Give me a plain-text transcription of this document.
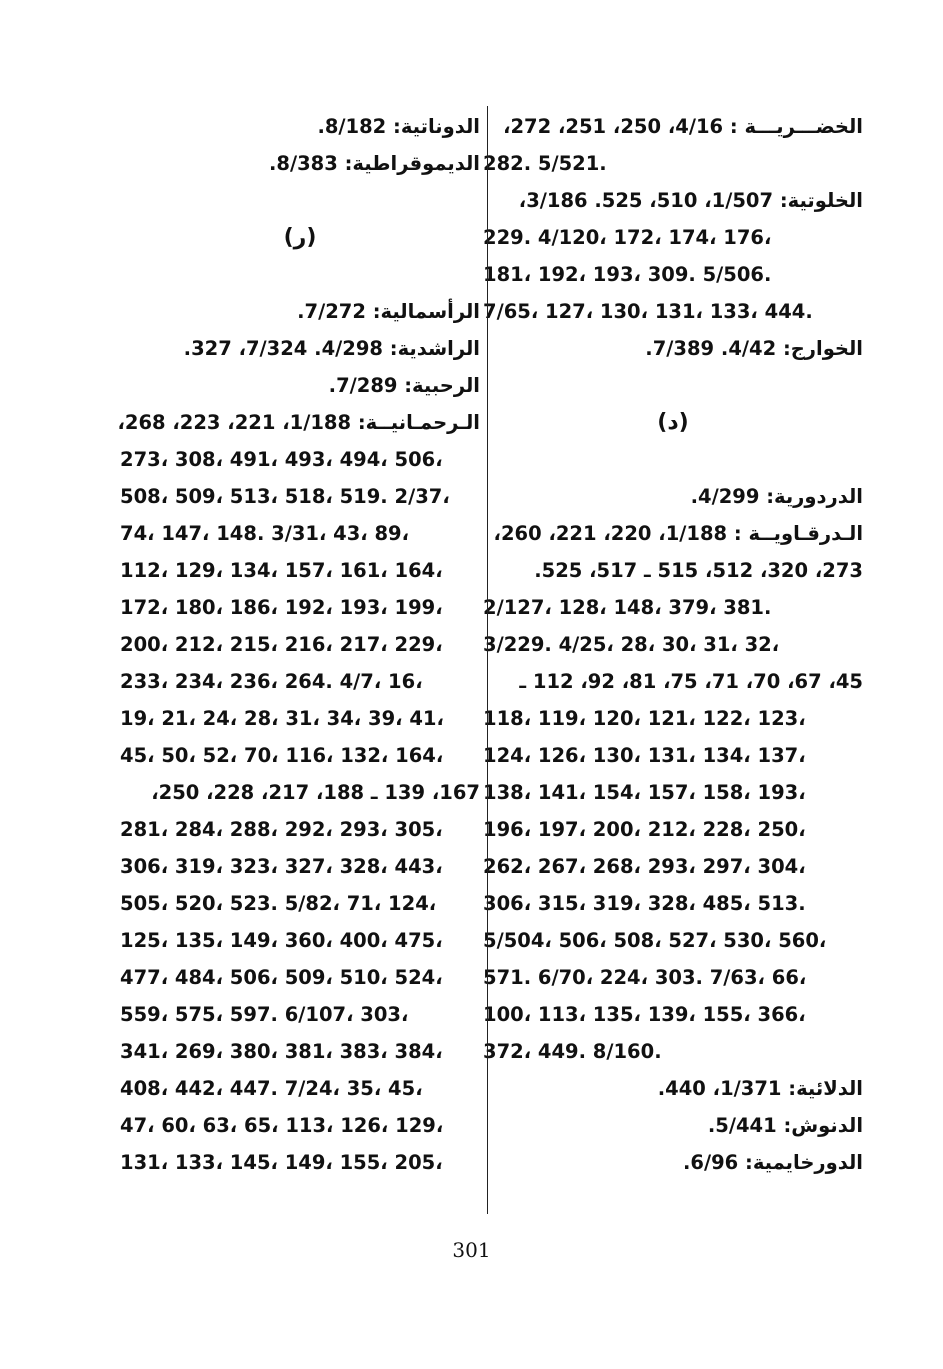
الخضـــريـــة : 4/16، 250، 251، 272،
282. 5/521.
الخلوتية: 1/507، 510، 525. 3/186،
229. 4/120، 172، 174، 176،
181، 192، 193، 309. 5/506.
7/65، 127، 130، 131، 133، 444.
الخوارج: 4/42. 7/389.
(د)
الدردورية: 4/299.
الـدرقـاويــة : 1/188، 220، 221، 260،
273، 320، 512، 515 ـ 517، 525.
2/127، 128، 148، 379، 381.
3/229. 4/25، 28، 30، 31، 32،
45، 67، 70، 71، 75، 81، 92، 112 ـ
118، 119، 120، 121، 122، 123،
124، 126، 130، 131، 134، 137،
138، 141، 154، 157، 158، 193،
196، 197، 200، 212، 228، 250،
262، 267، 268، 293، 297، 304،
306، 315، 319، 328، 485، 513.
5/504، 506، 508، 527، 530، 560،
571. 6/70، 224، 303. 7/63، 66،
100، 113، 135، 139، 155، 366،
372، 449. 8/160.
الدلائية: 1/371، 440.
الدنوش: 5/441.
الدورخايمية: 6/96.
الدوناتية: 8/182.
الديموقراطية: 8/383.
(ر)
الرأسمالية: 7/272.
الراشدية: 4/298. 7/324، 327.
الرحبية: 7/289.
الـرحمـانيــة: 1/188، 221، 223، 268،
273، 308، 491، 493، 494، 506،
508، 509، 513، 518، 519. 2/37،
74، 147، 148. 3/31، 43، 89،
112، 129، 134، 157، 161، 164،
172، 180، 186، 192، 193، 199،
200، 212، 215، 216، 217، 229،
233، 234، 236، 264. 4/7، 16،
19، 21، 24، 28، 31، 34، 39، 41،
45، 50، 52، 70، 116، 132، 164،
167، 139 ـ 188، 217، 228، 250،
281، 284، 288، 292، 293، 305،
306، 319، 323، 327، 328، 443،
505، 520، 523. 5/82، 71، 124،
125، 135، 149، 360، 400، 475،
477، 484، 506، 509، 510، 524،
559، 575، 597. 6/107، 303،
341، 269، 380، 381، 383، 384،
408، 442، 447. 7/24، 35، 45،
47، 60، 63، 65، 113، 126، 129،
131، 133، 145، 149، 155، 205،
301
